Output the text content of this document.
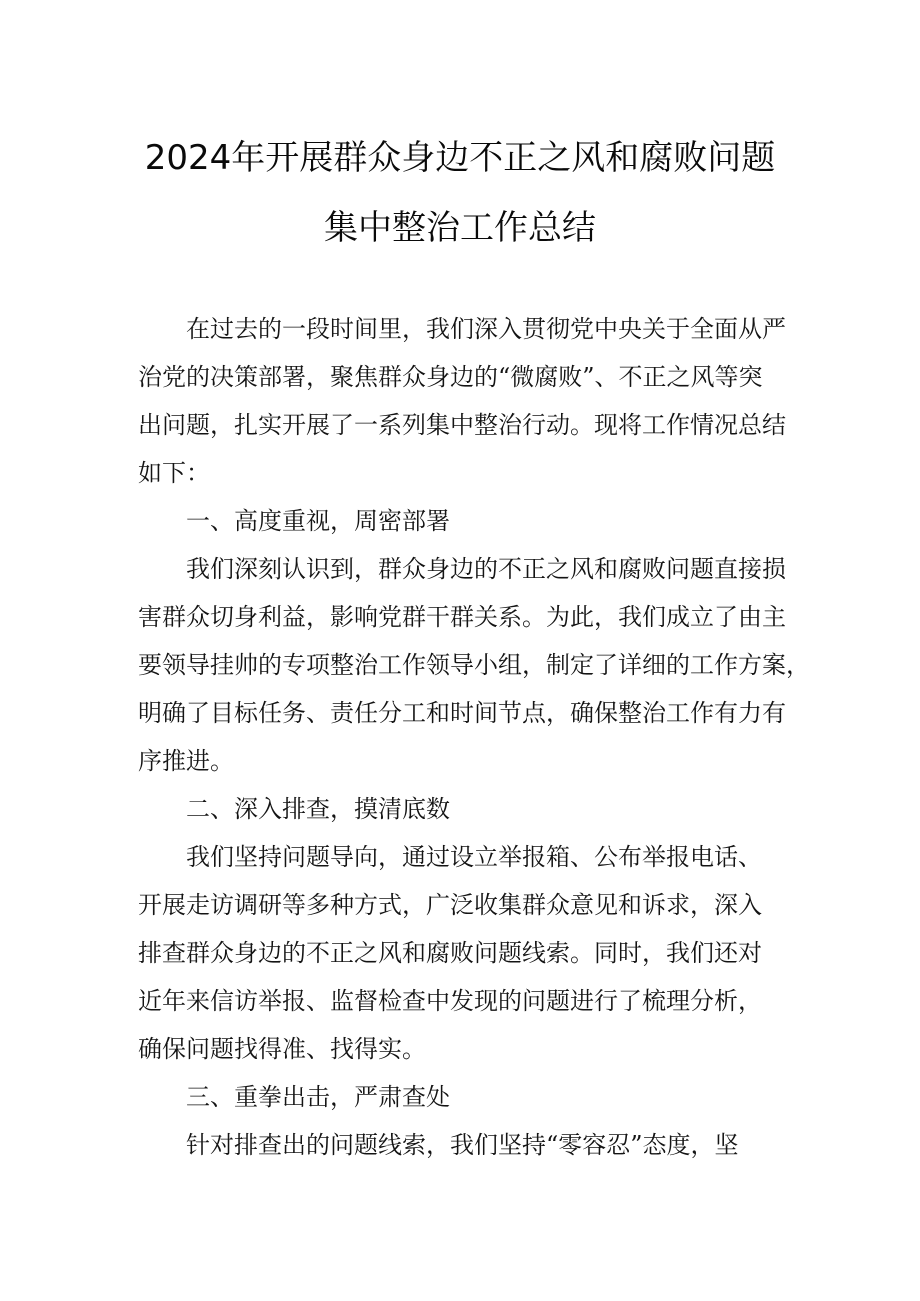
2024年开展群众身边不正之风和腐败问题
集中整治工作总结
在过去的一段时间里，我们深入贯彻党中央关于全面从严
治党的决策部署，聚焦群众身边的“微腐败”、不正之风等突
出问题，扎实开展了一系列集中整治行动。现将工作情况总结
如下：
一、高度重视，周密部署
我们深刻认识到，群众身边的不正之风和腐败问题直接损
害群众切身利益，影响党群干群关系。为此，我们成立了由主
要领导挂帅的专项整治工作领导小组，制定了详细的工作方案，
明确了目标任务、责任分工和时间节点，确保整治工作有力有
序推进。
二、深入排查，摸清底数
我们坚持问题导向，通过设立举报箱、公布举报电话、
开展走访调研等多种方式，广泛收集群众意见和诉求，深入
排查群众身边的不正之风和腐败问题线索。同时，我们还对
近年来信访举报、监督检查中发现的问题进行了梳理分析，
确保问题找得准、找得实。
三、重拳出击，严肃查处
针对排查出的问题线索，我们坚持“零容忍”态度，坚
